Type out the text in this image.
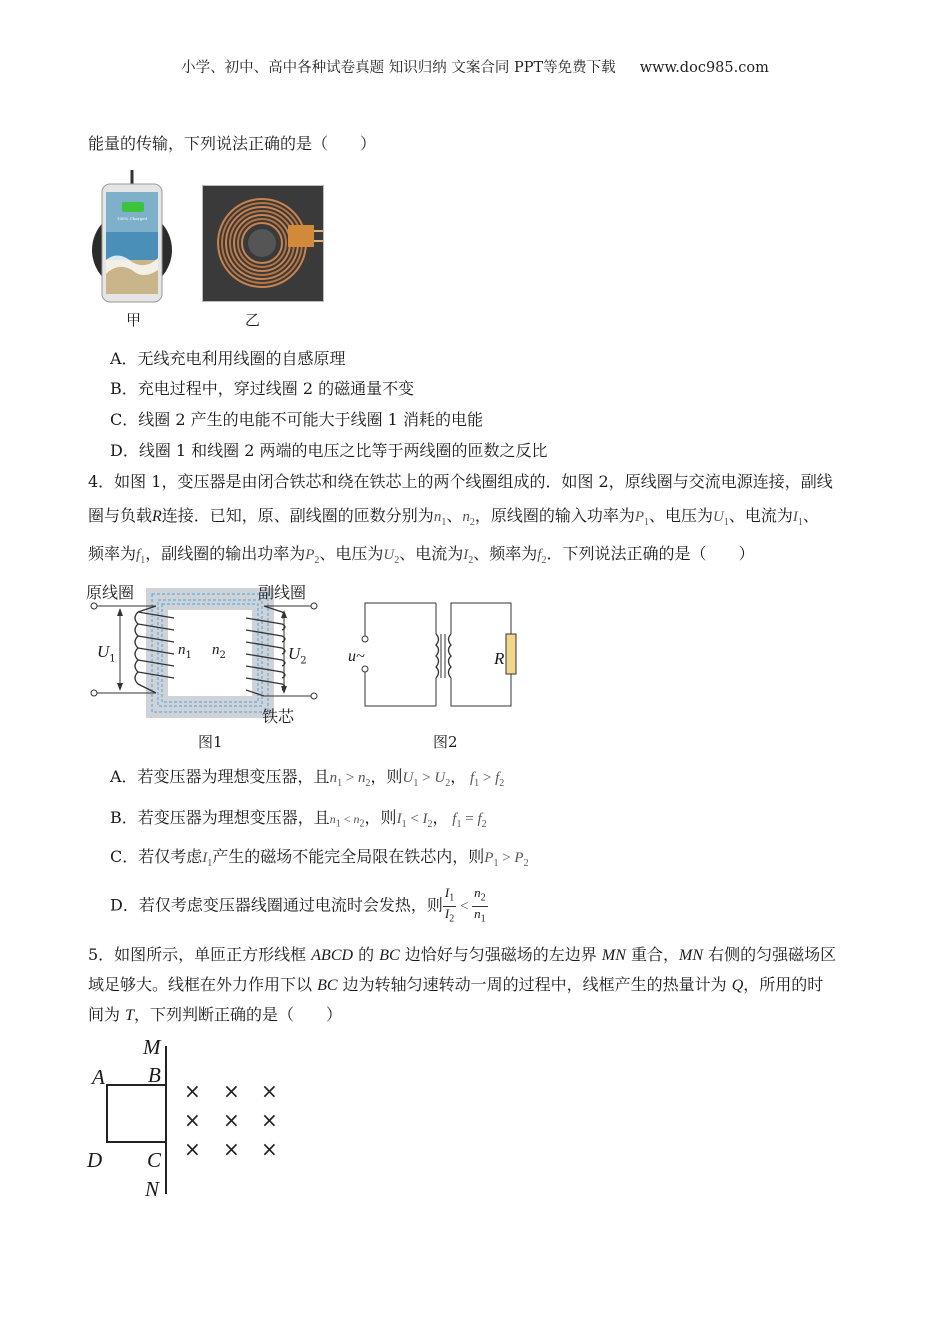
小学、初中、高中各种试卷真题 知识归纳 文案合同 PPT等免费下载 www.doc985.com
能量的传输，下列说法正确的是（　　）
100% Charged
甲	乙
A．无线充电利用线圈的自感原理
B．充电过程中，穿过线圈 2 的磁通量不变
C．线圈 2 产生的电能不可能大于线圈 1 消耗的电能
D．线圈 1 和线圈 2 两端的电压之比等于两线圈的匝数之反比
4．如图 1，变压器是由闭合铁芯和绕在铁芯上的两个线圈组成的．如图 2，原线圈与交流电源连接，副线
圈与负载R连接．已知，原、副线圈的匝数分别为$n_1$、$n_2$，原线圈的输入功率为$P_1$、电压为$U_1$、电流为$I_1$、
频率为$f_1$，副线圈的输出功率为$P_2$、电压为$U_2$、电流为$I_2$、频率为$f_2$．下列说法正确的是（　　）
原线圈	副线圈
铁芯
$U_1$
$n_1$ $n_2$	$U_2$
图1
u~	R
图2
A．若变压器为理想变压器，且$n_1 > n_2$，则$U_1 > U_2$， $f_1 > f_2$
B．若变压器为理想变压器，且$n_1 < n_2$，则$I_1 < I_2$， $f_1 = f_2$
C．若仅考虑$I_1$产生的磁场不能完全局限在铁芯内，则$P_1 > P_2$
D．若仅考虑变压器线圈通过电流时会发热，则 $\frac{I_1}{I_2} < \frac{n_2}{n_1}$
5．如图所示，单匝正方形线框 ABCD 的 BC 边恰好与匀强磁场的左边界 MN 重合，MN 右侧的匀强磁场区
域足够大。线框在外力作用下以 BC 边为转轴匀速转动一周的过程中，线框产生的热量计为 Q，所用的时
间为 T，下列判断正确的是（　　）
× × ×
× × ×
× × ×
M
A B
D C
N
